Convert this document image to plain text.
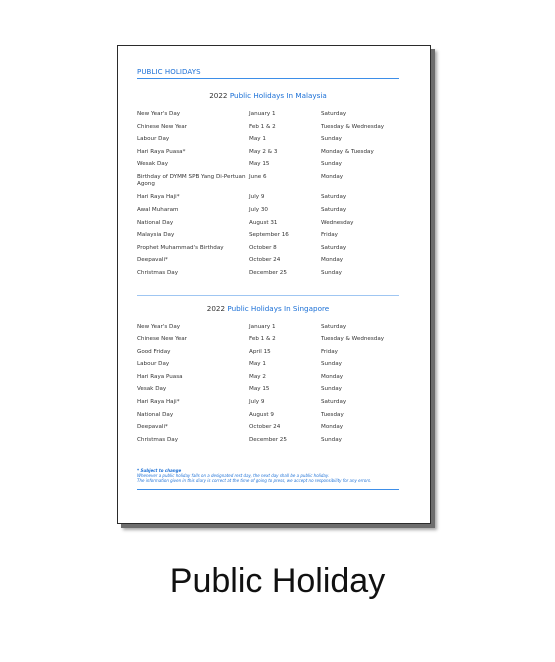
PUBLIC HOLIDAYS
2022 Public Holidays In Malaysia
New Year's Day	January 1	Saturday
Chinese New Year	Feb 1 & 2	Tuesday & Wednesday
Labour Day	May 1	Sunday
Hari Raya Puasa*	May 2 & 3	Monday & Tuesday
Wesak Day	May 15	Sunday
Birthday of DYMM SPB Yang Di-Pertuan Agong	June 6	Monday
Hari Raya Haji*	July 9	Saturday
Awal Muharam	July 30	Saturday
National Day	August 31	Wednesday
Malaysia Day	September 16	Friday
Prophet Muhammad's Birthday	October 8	Saturday
Deepavali*	October 24	Monday
Christmas Day	December 25	Sunday
2022 Public Holidays In Singapore
New Year's Day	January 1	Saturday
Chinese New Year	Feb 1 & 2	Tuesday & Wednesday
Good Friday	April 15	Friday
Labour Day	May 1	Sunday
Hari Raya Puasa	May 2	Monday
Vesak Day	May 15	Sunday
Hari Raya Haji*	July 9	Saturday
National Day	August 9	Tuesday
Deepavali*	October 24	Monday
Christmas Day	December 25	Sunday
* Subject to change
Whenever a public holiday falls on a designated rest day, the next day shall be a public holiday.
The information given in this diary is correct at the time of going to press, we accept no responsibility for any errors.
Public Holiday
